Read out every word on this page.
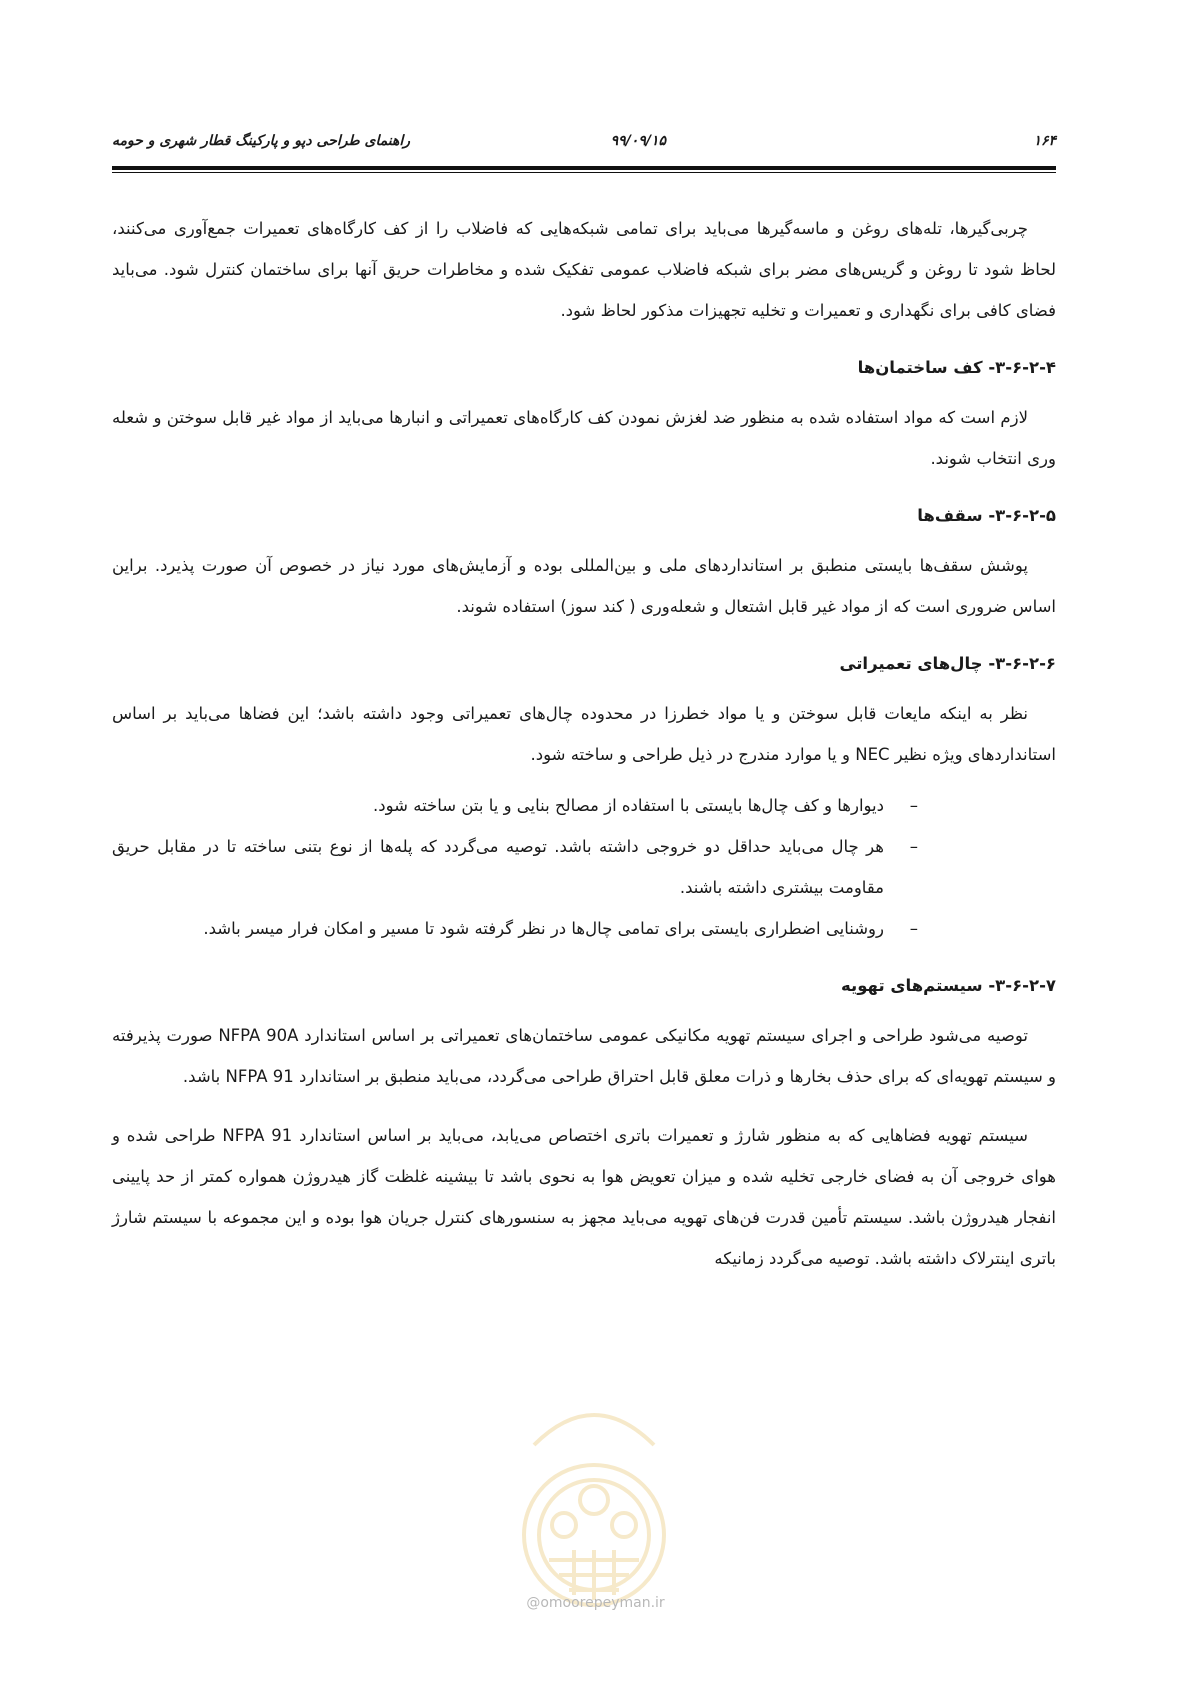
۱۶۴
۹۹/۰۹/۱۵
راهنمای طراحی دپو و پارکینگ قطار شهری و حومه

چربی‌گیرها، تله‌های روغن و ماسه‌گیرها می‌باید برای تمامی شبکه‌هایی که فاضلاب را از کف کارگاه‌های تعمیرات جمع‌آوری می‌کنند، لحاظ شود تا روغن و گریس‌های مضر برای شبکه فاضلاب عمومی تفکیک شده و مخاطرات حریق آنها برای ساختمان کنترل شود. می‌باید فضای کافی برای نگهداری و تعمیرات و تخلیه تجهیزات مذکور لحاظ شود.

۳-۶-۲-۴- کف ساختمان‌ها

لازم است که مواد استفاده شده به منظور ضد لغزش نمودن کف کارگاه‌های تعمیراتی و انبارها می‌باید از مواد غیر قابل سوختن و شعله وری انتخاب شوند.

۳-۶-۲-۵- سقف‌ها

پوشش سقف‌ها بایستی منطبق بر استانداردهای ملی و بین‌المللی بوده و آزمایش‌های مورد نیاز در خصوص آن صورت پذیرد. براین اساس ضروری است که از مواد غیر قابل اشتعال و شعله‌وری ( کند سوز) استفاده شوند.

۳-۶-۲-۶- چال‌های تعمیراتی

نظر به اینکه مایعات قابل سوختن و یا مواد خطرزا در محدوده چال‌های تعمیراتی وجود داشته باشد؛ این فضاها می‌باید بر اساس استانداردهای ویژه نظیر NEC و یا موارد مندرج در ذیل طراحی و ساخته شود.

–
دیوارها و کف چال‌ها بایستی با استفاده از مصالح بنایی و یا بتن ساخته شود.
–
هر چال می‌باید حداقل دو خروجی داشته باشد. توصیه می‌گردد که پله‌ها از نوع بتنی ساخته تا در مقابل حریق مقاومت بیشتری داشته باشند.
–
روشنایی اضطراری بایستی برای تمامی چال‌ها در نظر گرفته شود تا مسیر و امکان فرار میسر باشد.
۳-۶-۲-۷- سیستم‌های تهویه

توصیه می‌شود طراحی و اجرای سیستم تهویه مکانیکی عمومی ساختمان‌های تعمیراتی بر اساس استاندارد NFPA 90A صورت پذیرفته و سیستم تهویه‌ای که برای حذف بخارها و ذرات معلق قابل احتراق طراحی می‌گردد، می‌باید منطبق بر استاندارد NFPA 91 باشد.

سیستم تهویه فضاهایی که به منظور شارژ و تعمیرات باتری اختصاص می‌یابد، می‌باید بر اساس استاندارد NFPA 91 طراحی شده و هوای خروجی آن به فضای خارجی تخلیه شده و میزان تعویض هوا به نحوی باشد تا بیشینه غلظت گاز هیدروژن همواره کمتر از حد پایینی انفجار هیدروژن باشد. سیستم تأمین قدرت فن‌های تهویه می‌باید مجهز به سنسورهای کنترل جریان هوا بوده و این مجموعه با سیستم شارژ باتری اینترلاک داشته باشد. توصیه می‌گردد زمانیکه

@omoorepeyman.ir
